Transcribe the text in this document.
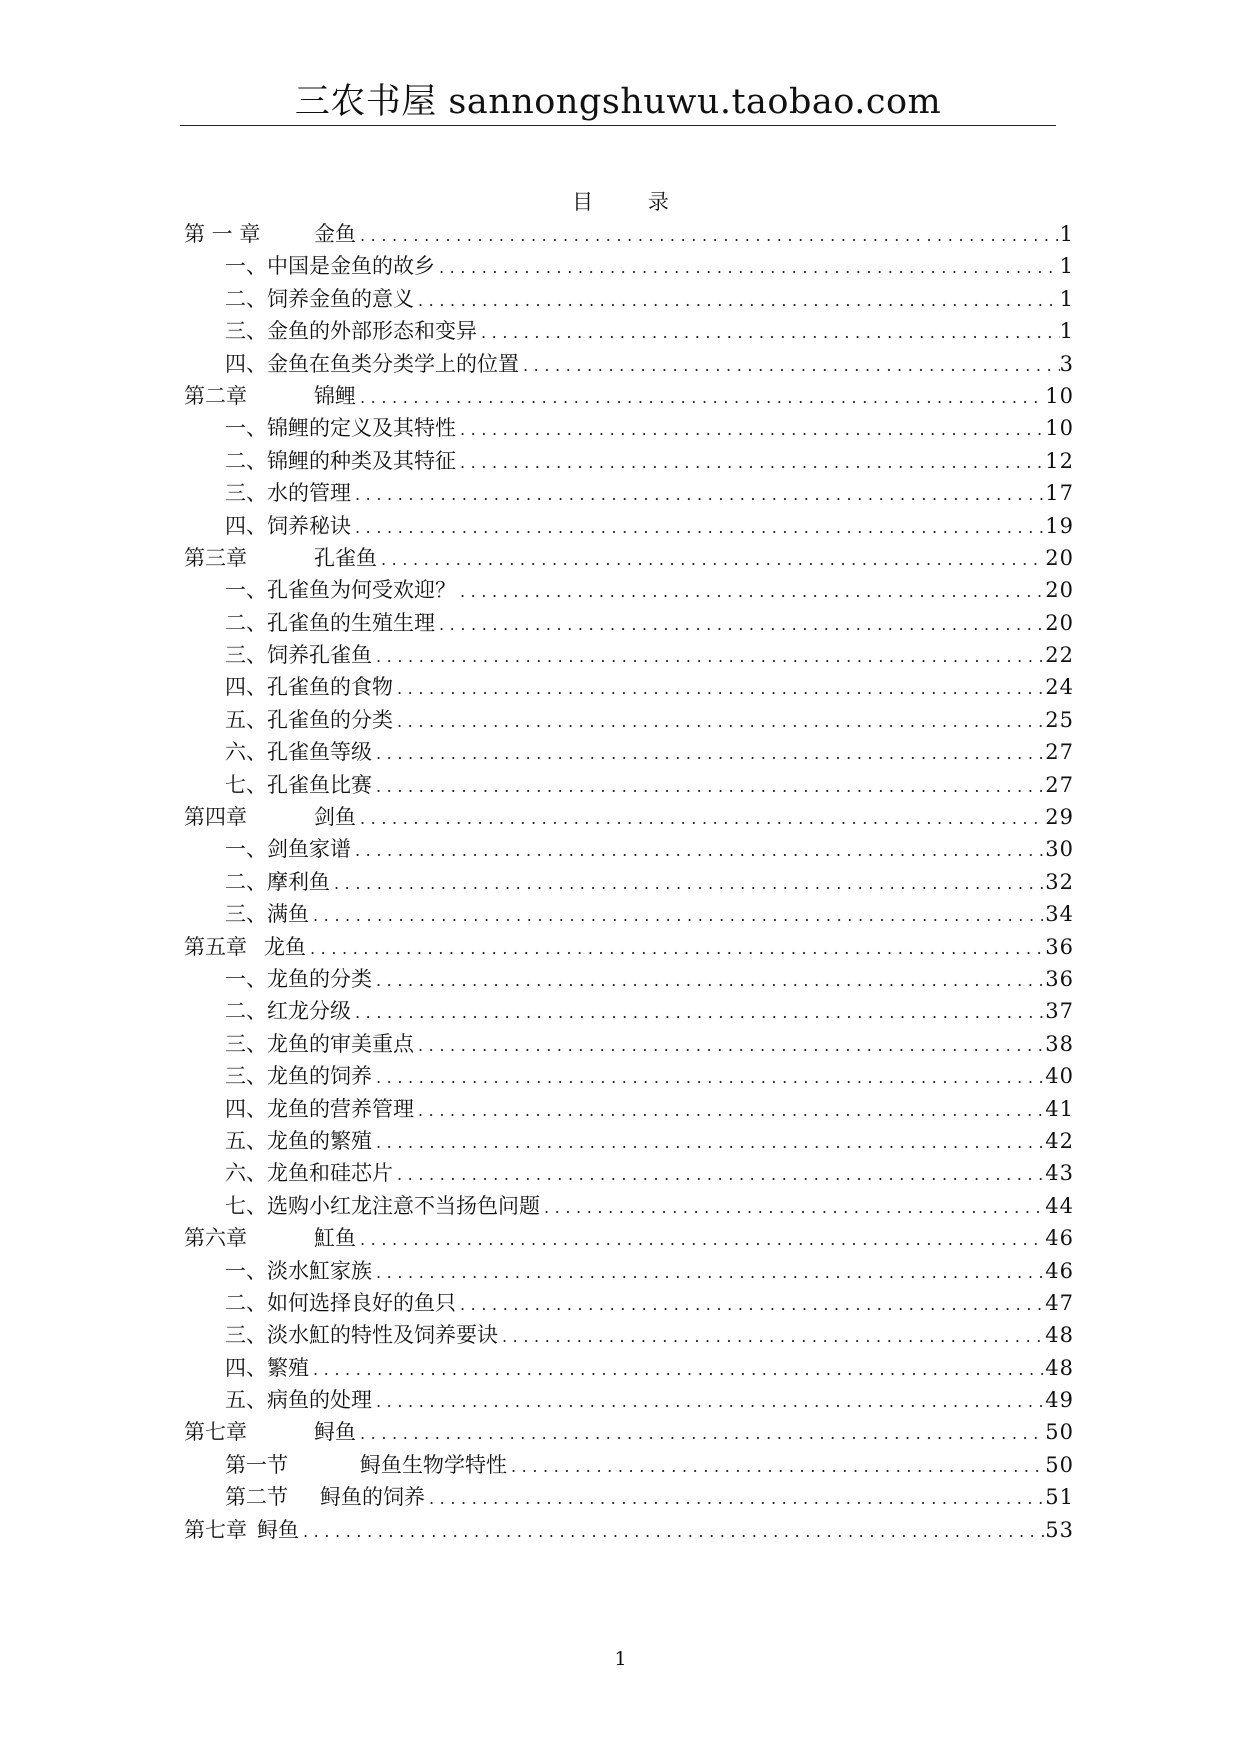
三农书屋 sannongshuwu.taobao.com
目 录
第 一 章	金鱼 .....	1
一、 中国是金鱼的故乡 .....	1
二、 饲养金鱼的意义 .....	1
三、 金鱼的外部形态和变异 .....	1
四、 金鱼在鱼类分类学上的位置 .....	3
第二章	锦鲤 .....	10
一、 锦鲤的定义及其特性 .....	10
二、 锦鲤的种类及其特征 .....	12
三、 水的管理 .....	17
四、 饲养秘诀 .....	19
第三章	孔雀鱼 .....	20
一、 孔雀鱼为何受欢迎？ .....	20
二、 孔雀鱼的生殖生理 .....	20
三、 饲养孔雀鱼 .....	22
四、 孔雀鱼的食物 .....	24
五、 孔雀鱼的分类 .....	25
六、 孔雀鱼等级 .....	27
七、 孔雀鱼比赛 .....	27
第四章	剑鱼 .....	29
一、 剑鱼家谱 .....	30
二、 摩利鱼 .....	32
三、 满鱼 .....	34
第五章 龙鱼 .....	36
一、 龙鱼的分类 .....	36
二、 红龙分级 .....	37
三、 龙鱼的审美重点 .....	38
三、 龙鱼的饲养 .....	40
四、 龙鱼的营养管理 .....	41
五、 龙鱼的繁殖 .....	42
六、 龙鱼和硅芯片 .....	43
七、 选购小红龙注意不当扬色问题 .....	44
第六章	魟鱼 .....	46
一、 淡水魟家族 .....	46
二、 如何选择良好的鱼只 .....	47
三、 淡水魟的特性及饲养要诀 .....	48
四、 繁殖 .....	48
五、 病鱼的处理 .....	49
第七章	鲟鱼 .....	50
第一节	鲟鱼生物学特性 .....	50
第二节	鲟鱼的饲养 .....	51
第七章 鲟鱼 .....	53
1
